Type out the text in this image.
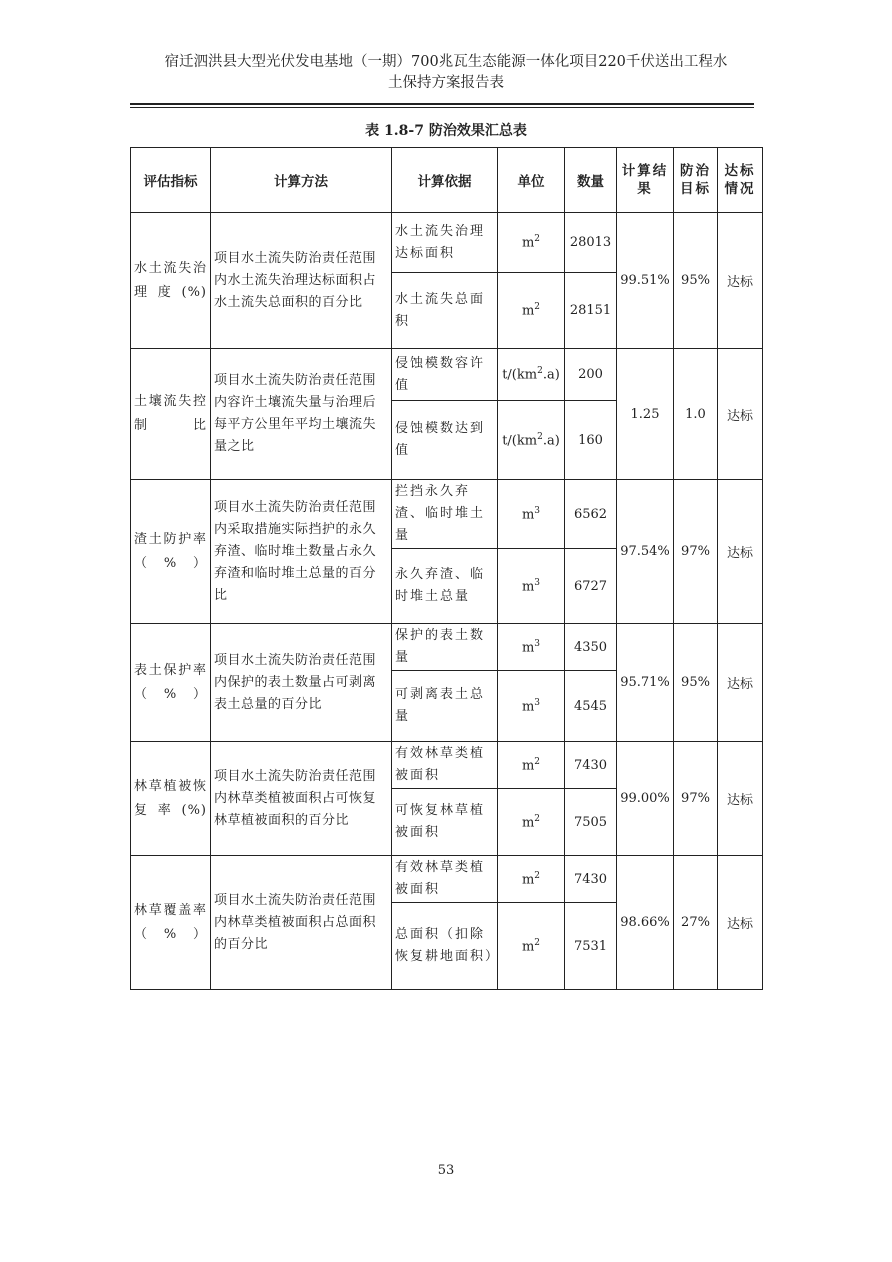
宿迁泗洪县大型光伏发电基地（一期）700兆瓦生态能源一体化项目220千伏送出工程水
土保持方案报告表
表 1.8-7 防治效果汇总表
评估指标	计算方法	计算依据	单位	数量	计算结果	防治目标	达标情况
水土流失治理度(%)	项目水土流失防治责任范围内水土流失治理达标面积占水土流失总面积的百分比	水土流失治理达标面积	$m^2$	28013	99.51%	95%	达标
		水土流失总面积	$m^2$	28151			
土壤流失控制比	项目水土流失防治责任范围内容许土壤流失量与治理后每平方公里年平均土壤流失量之比	侵蚀模数容许值	$t/(km^2.a)$	200	1.25	1.0	达标
		侵蚀模数达到值	$t/(km^2.a)$	160			
渣土防护率（%）	项目水土流失防治责任范围内采取措施实际挡护的永久弃渣、临时堆土数量占永久弃渣和临时堆土总量的百分比	拦挡永久弃渣、临时堆土量	$m^3$	6562	97.54%	97%	达标
		永久弃渣、临时堆土总量	$m^3$	6727			
表土保护率（%）	项目水土流失防治责任范围内保护的表土数量占可剥离表土总量的百分比	保护的表土数量	$m^3$	4350	95.71%	95%	达标
		可剥离表土总量	$m^3$	4545			
林草植被恢复率(%)	项目水土流失防治责任范围内林草类植被面积占可恢复林草植被面积的百分比	有效林草类植被面积	$m^2$	7430	99.00%	97%	达标
		可恢复林草植被面积	$m^2$	7505			
林草覆盖率（%）	项目水土流失防治责任范围内林草类植被面积占总面积的百分比	有效林草类植被面积	$m^2$	7430	98.66%	27%	达标
		总面积（扣除恢复耕地面积）	$m^2$	7531			
53
